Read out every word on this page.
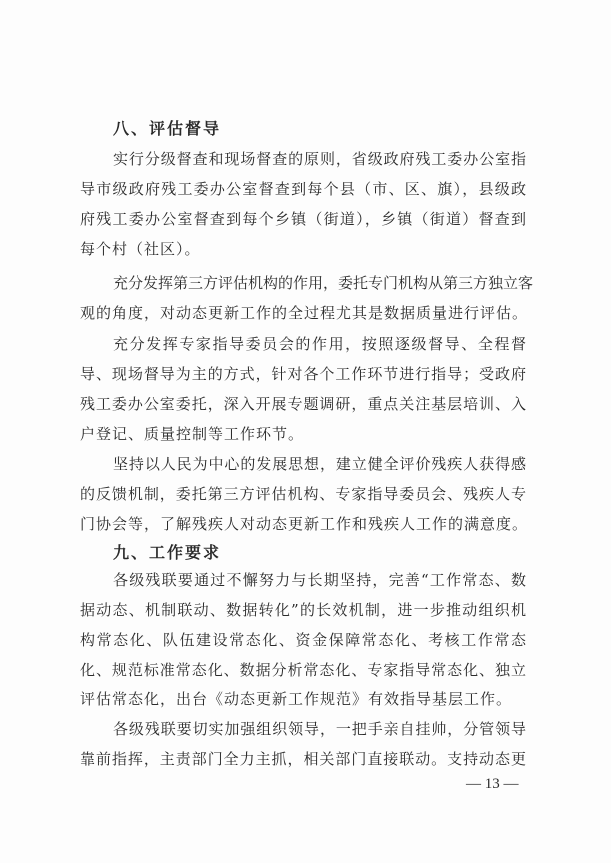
八、评估督导
实行分级督查和现场督查的原则，省级政府残工委办公室指
导市级政府残工委办公室督查到每个县（市、区、旗），县级政
府残工委办公室督查到每个乡镇（街道），乡镇（街道）督查到
每个村（社区）。
充分发挥第三方评估机构的作用，委托专门机构从第三方独立客
观的角度，对动态更新工作的全过程尤其是数据质量进行评估。
充分发挥专家指导委员会的作用，按照逐级督导、全程督
导、现场督导为主的方式，针对各个工作环节进行指导；受政府
残工委办公室委托，深入开展专题调研，重点关注基层培训、入
户登记、质量控制等工作环节。
坚持以人民为中心的发展思想，建立健全评价残疾人获得感
的反馈机制，委托第三方评估机构、专家指导委员会、残疾人专
门协会等，了解残疾人对动态更新工作和残疾人工作的满意度。
九、工作要求
各级残联要通过不懈努力与长期坚持，完善“工作常态、数
据动态、机制联动、数据转化”的长效机制，进一步推动组织机
构常态化、队伍建设常态化、资金保障常态化、考核工作常态
化、规范标准常态化、数据分析常态化、专家指导常态化、独立
评估常态化，出台《动态更新工作规范》有效指导基层工作。
各级残联要切实加强组织领导，一把手亲自挂帅，分管领导
靠前指挥，主责部门全力主抓，相关部门直接联动。支持动态更
— 13 —
